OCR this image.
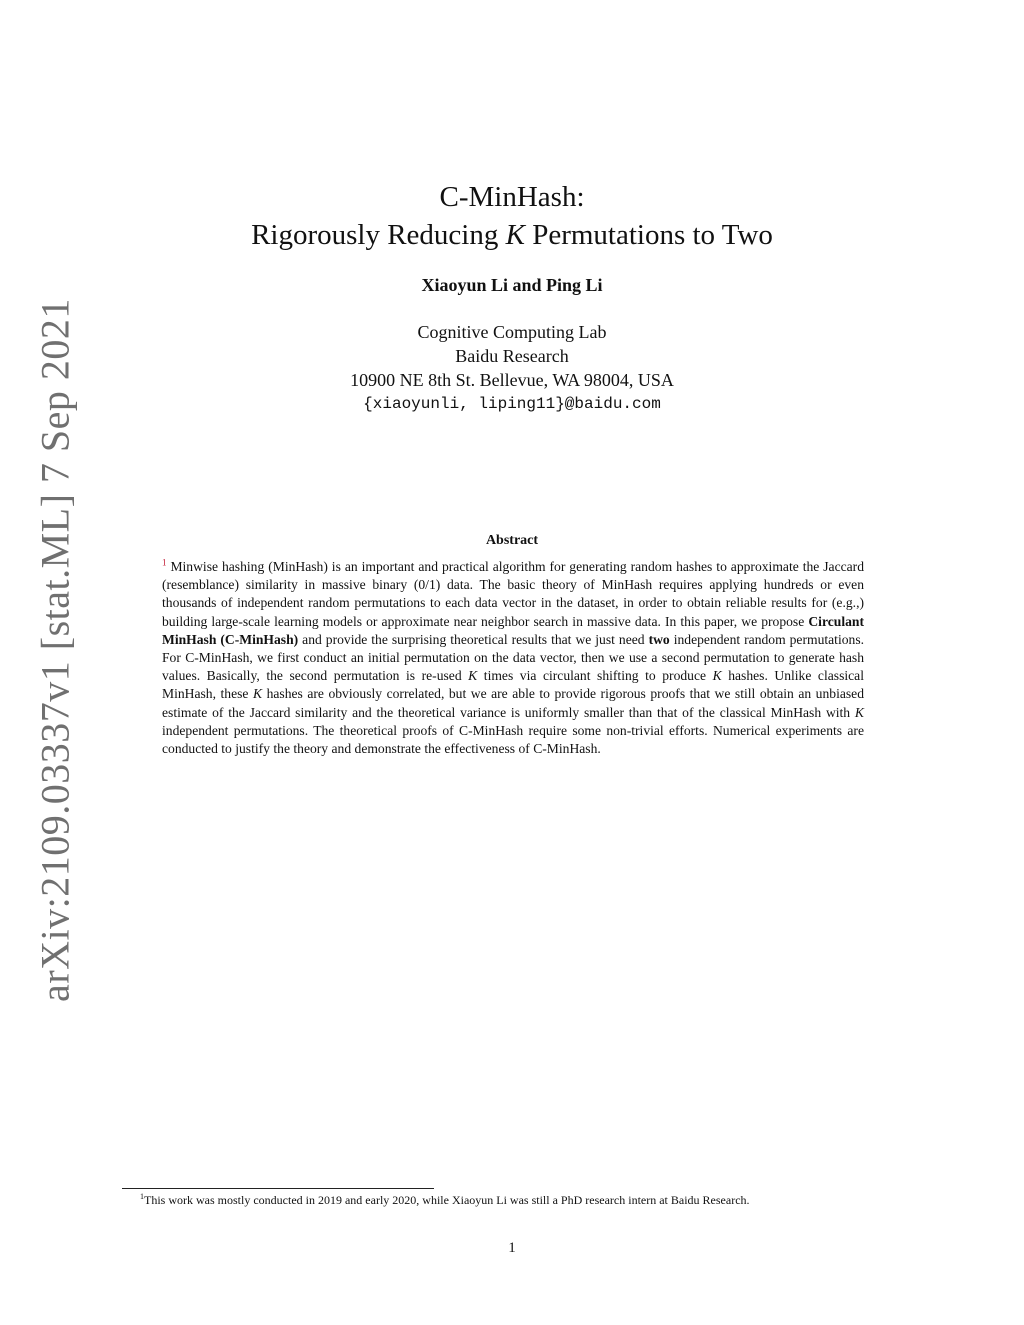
arXiv:2109.03337v1 [stat.ML] 7 Sep 2021
C-MinHash:
Rigorously Reducing K Permutations to Two
Xiaoyun Li and Ping Li
Cognitive Computing Lab
Baidu Research
10900 NE 8th St. Bellevue, WA 98004, USA
{xiaoyunli, liping11}@baidu.com
Abstract
$^1$ Minwise hashing (MinHash) is an important and practical algorithm for generating random hashes to approximate the Jaccard (resemblance) similarity in massive binary (0/1) data. The basic theory of MinHash requires applying hundreds or even thousands of independent random permutations to each data vector in the dataset, in order to obtain reliable results for (e.g.,) building large-scale learning models or approximate near neighbor search in massive data. In this paper, we propose Circulant MinHash (C-MinHash) and provide the surprising theoretical results that we just need two independent random permutations. For C-MinHash, we first conduct an initial permutation on the data vector, then we use a second permutation to generate hash values. Basically, the second permutation is re-used K times via circulant shifting to produce K hashes. Unlike classical MinHash, these K hashes are obviously correlated, but we are able to provide rigorous proofs that we still obtain an unbiased estimate of the Jaccard similarity and the theoretical variance is uniformly smaller than that of the classical MinHash with K independent permutations. The theoretical proofs of C-MinHash require some non-trivial efforts. Numerical experiments are conducted to justify the theory and demonstrate the effectiveness of C-MinHash.
$^1$This work was mostly conducted in 2019 and early 2020, while Xiaoyun Li was still a PhD research intern at Baidu Research.
1
